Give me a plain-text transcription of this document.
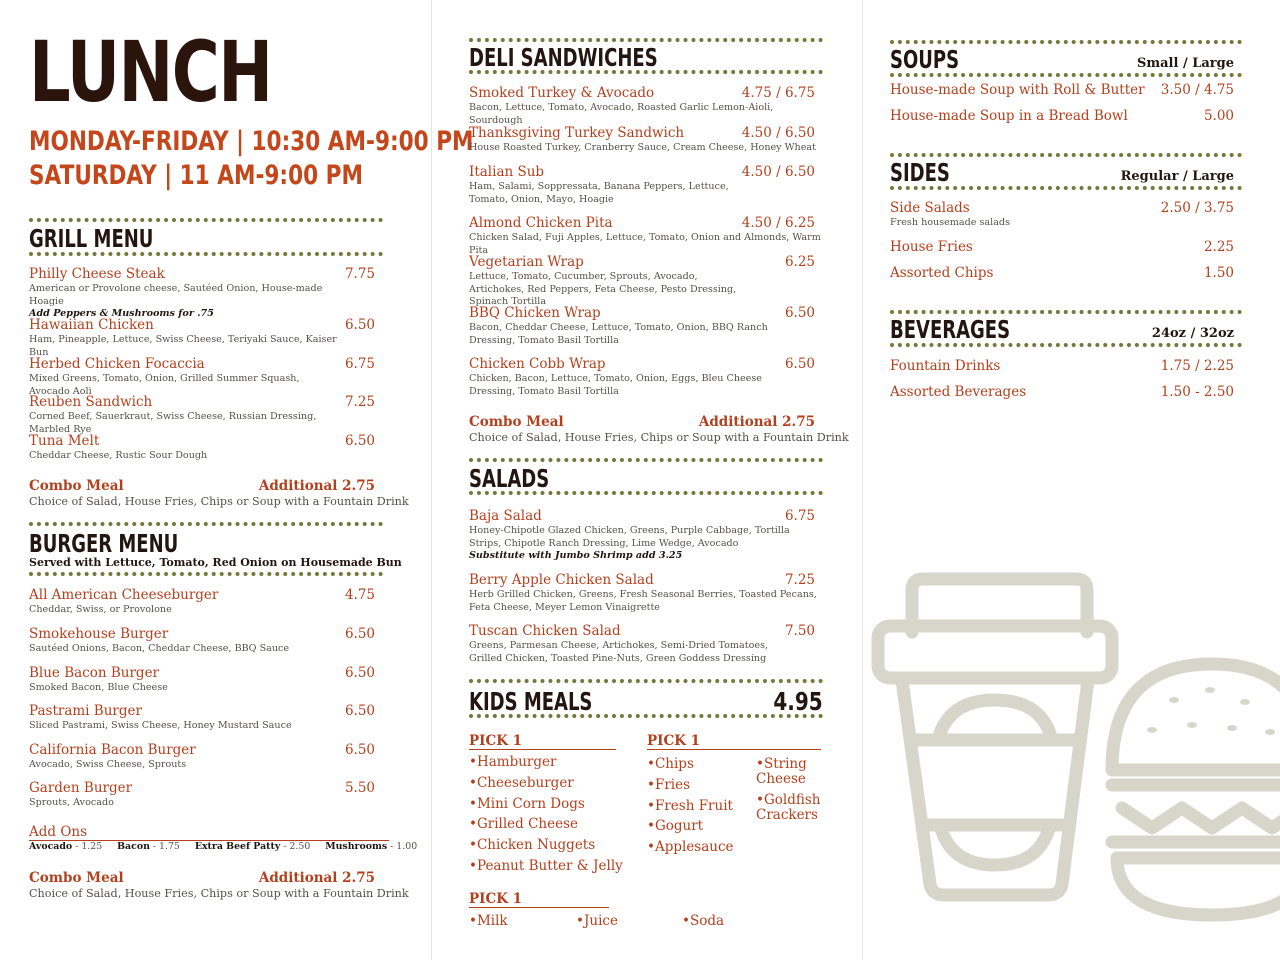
LUNCH
MONDAY-FRIDAY | 10:30 AM-9:00 PM
SATURDAY | 11 AM-9:00 PM
GRILL MENU
Philly Cheese Steak	7.75
American or Provolone cheese, Sautéed Onion, House-made Hoagie
Add Peppers & Mushrooms for .75
Hawaiian Chicken	6.50
Ham, Pineapple, Lettuce, Swiss Cheese, Teriyaki Sauce, Kaiser Bun
Herbed Chicken Focaccia	6.75
Mixed Greens, Tomato, Onion, Grilled Summer Squash, Avocado Aoli
Reuben Sandwich	7.25
Corned Beef, Sauerkraut, Swiss Cheese, Russian Dressing, Marbled Rye
Tuna Melt	6.50
Cheddar Cheese, Rustic Sour Dough
Combo Meal	Additional 2.75
Choice of Salad, House Fries, Chips or Soup with a Fountain Drink
BURGER MENU
Served with Lettuce, Tomato, Red Onion on Housemade Bun
All American Cheeseburger	4.75
Cheddar, Swiss, or Provolone
Smokehouse Burger	6.50
Sautéed Onions, Bacon, Cheddar Cheese, BBQ Sauce
Blue Bacon Burger	6.50
Smoked Bacon, Blue Cheese
Pastrami Burger	6.50
Sliced Pastrami, Swiss Cheese, Honey Mustard Sauce
California Bacon Burger	6.50
Avocado, Swiss Cheese, Sprouts
Garden Burger	5.50
Sprouts, Avocado
Add Ons
Avocado - 1.25 Bacon - 1.75 Extra Beef Patty - 2.50 Mushrooms - 1.00
Combo Meal	Additional 2.75
Choice of Salad, House Fries, Chips or Soup with a Fountain Drink
DELI SANDWICHES
Smoked Turkey & Avocado	4.75 / 6.75
Bacon, Lettuce, Tomato, Avocado, Roasted Garlic Lemon-Aioli, Sourdough
Thanksgiving Turkey Sandwich	4.50 / 6.50
House Roasted Turkey, Cranberry Sauce, Cream Cheese, Honey Wheat
Italian Sub	4.50 / 6.50
Ham, Salami, Soppressata, Banana Peppers, Lettuce, Tomato, Onion, Mayo, Hoagie
Almond Chicken Pita	4.50 / 6.25
Chicken Salad, Fuji Apples, Lettuce, Tomato, Onion and Almonds, Warm Pita
Vegetarian Wrap	6.25
Lettuce, Tomato, Cucumber, Sprouts, Avocado, Artichokes, Red Peppers, Feta Cheese, Pesto Dressing, Spinach Tortilla
BBQ Chicken Wrap	6.50
Bacon, Cheddar Cheese, Lettuce, Tomato, Onion, BBQ Ranch Dressing, Tomato Basil Tortilla
Chicken Cobb Wrap	6.50
Chicken, Bacon, Lettuce, Tomato, Onion, Eggs, Bleu Cheese Dressing, Tomato Basil Tortilla
Combo Meal	Additional 2.75
Choice of Salad, House Fries, Chips or Soup with a Fountain Drink
SALADS
Baja Salad	6.75
Honey-Chipotle Glazed Chicken, Greens, Purple Cabbage, Tortilla Strips, Chipotle Ranch Dressing, Lime Wedge, Avocado
Substitute with Jumbo Shrimp add 3.25
Berry Apple Chicken Salad	7.25
Herb Grilled Chicken, Greens, Fresh Seasonal Berries, Toasted Pecans, Feta Cheese, Meyer Lemon Vinaigrette
Tuscan Chicken Salad	7.50
Greens, Parmesan Cheese, Artichokes, Semi-Dried Tomatoes, Grilled Chicken, Toasted Pine-Nuts, Green Goddess Dressing
KIDS MEALS	4.95
PICK 1
• Hamburger
• Cheeseburger
• Mini Corn Dogs
• Grilled Cheese
• Chicken Nuggets
• Peanut Butter & Jelly
PICK 1
• Chips
• Fries
• Fresh Fruit
• Gogurt
• Applesauce
• String Cheese
• Goldfish Crackers
PICK 1
• Milk	• Juice	• Soda
SOUPS	Small / Large
House-made Soup with Roll & Butter	3.50 / 4.75
House-made Soup in a Bread Bowl	5.00
SIDES	Regular / Large
Side Salads	2.50 / 3.75
Fresh housemade salads
House Fries	2.25
Assorted Chips	1.50
BEVERAGES	24oz / 32oz
Fountain Drinks	1.75 / 2.25
Assorted Beverages	1.50 - 2.50
